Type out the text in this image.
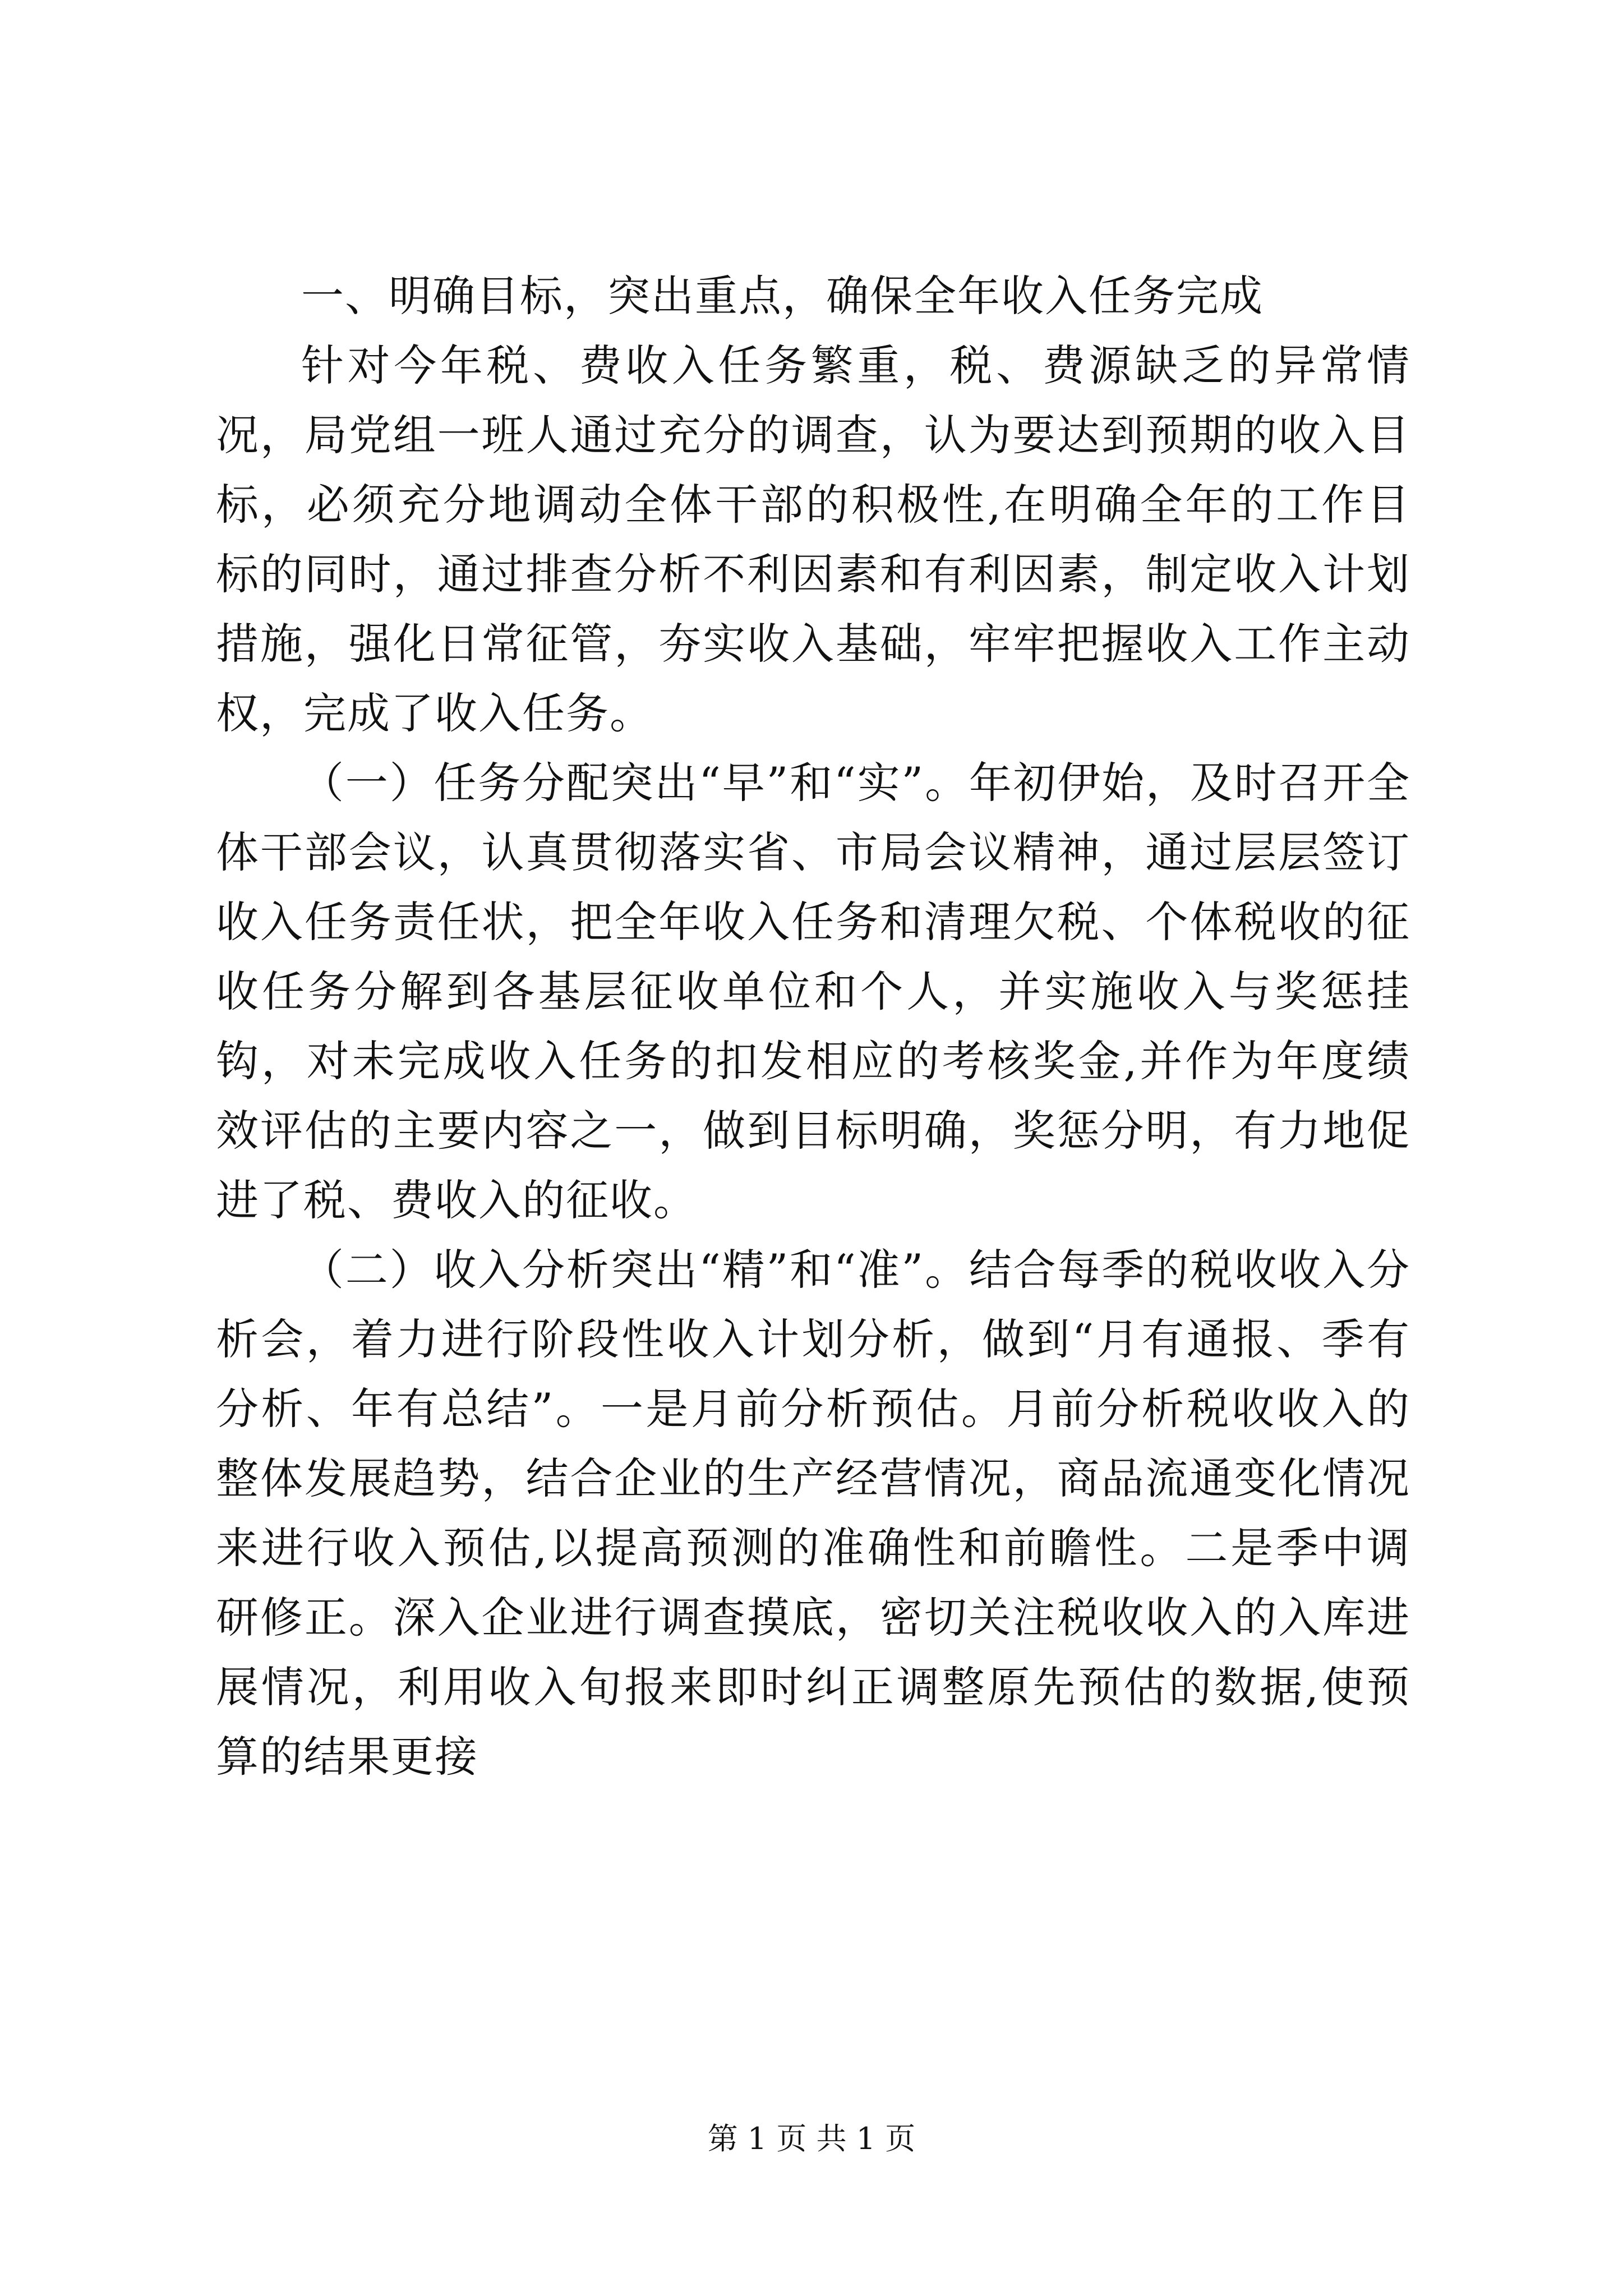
一、明确目标，突出重点，确保全年收入任务完成

针对今年税、费收入任务繁重，税、费源缺乏的异常情况，局党组一班人通过充分的调查，认为要达到预期的收入目标，必须充分地调动全体干部的积极性,在明确全年的工作目标的同时，通过排查分析不利因素和有利因素，制定收入计划措施，强化日常征管，夯实收入基础，牢牢把握收入工作主动权，完成了收入任务。

（一）任务分配突出“早”和“实”。年初伊始，及时召开全体干部会议，认真贯彻落实省、市局会议精神，通过层层签订收入任务责任状，把全年收入任务和清理欠税、个体税收的征收任务分解到各基层征收单位和个人，并实施收入与奖惩挂钩，对未完成收入任务的扣发相应的考核奖金,并作为年度绩效评估的主要内容之一，做到目标明确，奖惩分明，有力地促进了税、费收入的征收。

（二）收入分析突出“精”和“准”。结合每季的税收收入分析会，着力进行阶段性收入计划分析，做到“月有通报、季有分析、年有总结”。一是月前分析预估。月前分析税收收入的整体发展趋势，结合企业的生产经营情况，商品流通变化情况来进行收入预估,以提高预测的准确性和前瞻性。二是季中调研修正。深入企业进行调查摸底，密切关注税收收入的入库进展情况，利用收入旬报来即时纠正调整原先预估的数据,使预算的结果更接

第 1 页 共 1 页
